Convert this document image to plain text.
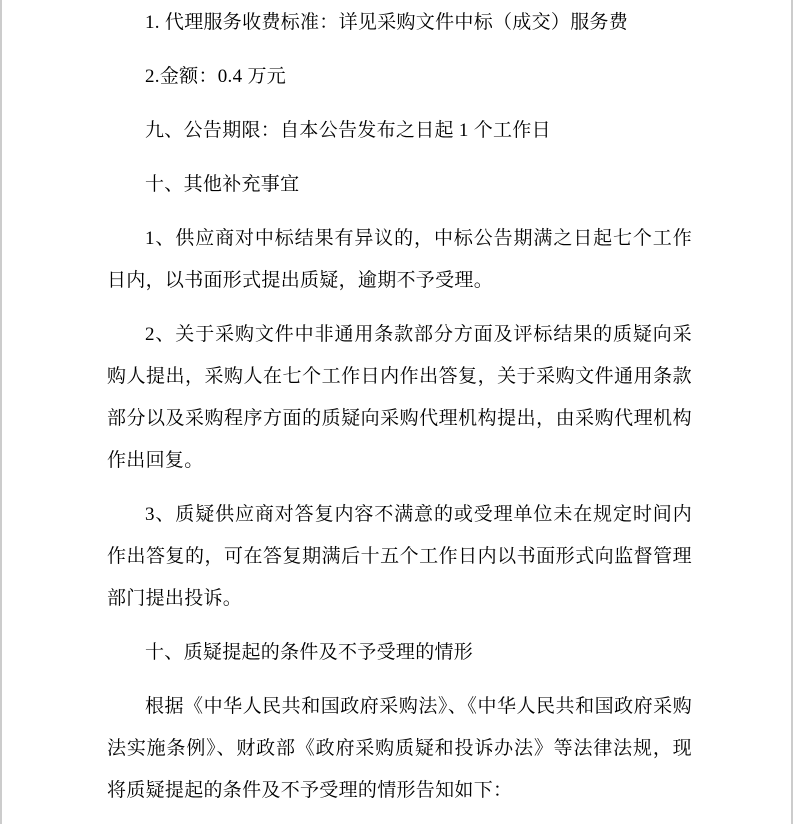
1. 代理服务收费标准：详见采购文件中标（成交）服务费

2.金额：0.4 万元

九、公告期限：自本公告发布之日起 1 个工作日

十、其他补充事宜

1、供应商对中标结果有异议的，中标公告期满之日起七个工作日内，以书面形式提出质疑，逾期不予受理。

2、关于采购文件中非通用条款部分方面及评标结果的质疑向采购人提出，采购人在七个工作日内作出答复，关于采购文件通用条款部分以及采购程序方面的质疑向采购代理机构提出，由采购代理机构作出回复。

3、质疑供应商对答复内容不满意的或受理单位未在规定时间内作出答复的，可在答复期满后十五个工作日内以书面形式向监督管理部门提出投诉。

十、质疑提起的条件及不予受理的情形

根据《中华人民共和国政府采购法》、《中华人民共和国政府采购法实施条例》、财政部《政府采购质疑和投诉办法》等法律法规，现将质疑提起的条件及不予受理的情形告知如下：
